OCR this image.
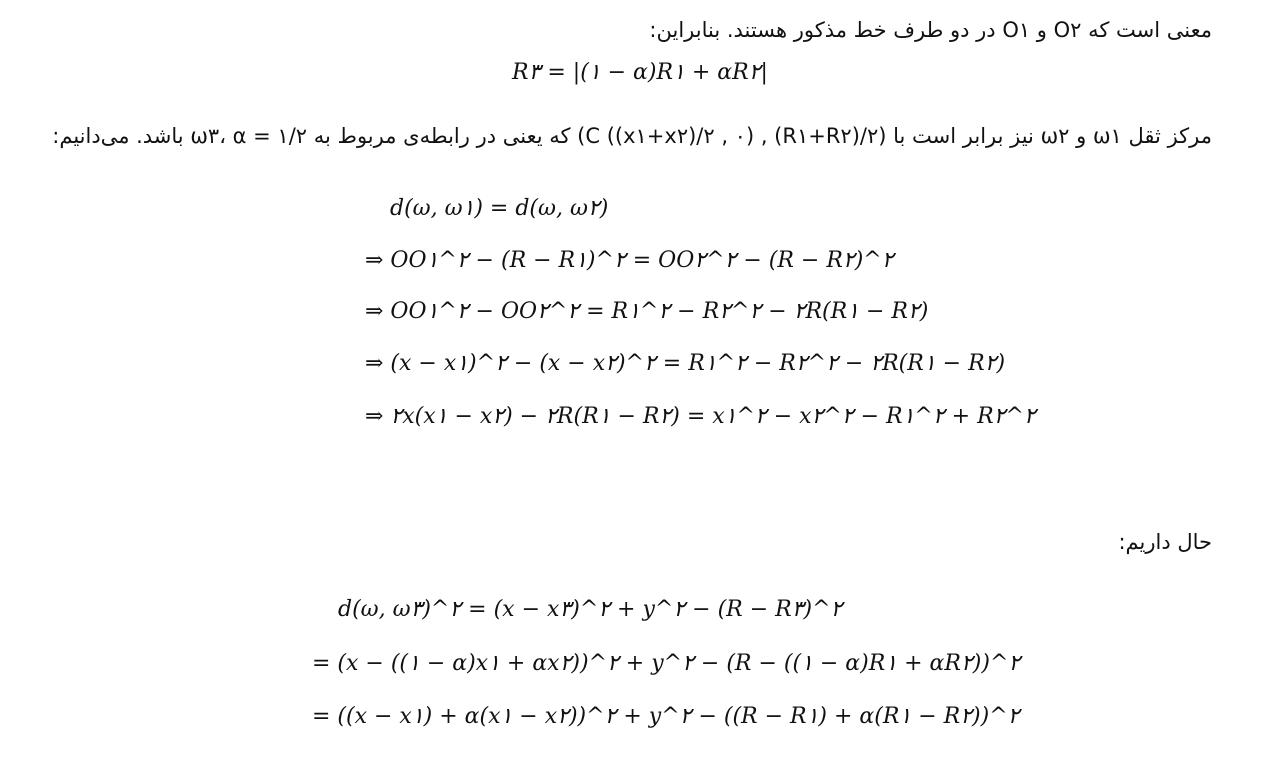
معنی است که O۲ و O۱ در دو طرف خط مذکور هستند. بنابراین:
R۳ = |(۱ − α)R۱ + αR۲|
مرکز ثقل ω۱ و ω۲ نیز برابر است با (C ((x۱+x۲)/۲ , ۰) , (R۱+R۲)/۲) که یعنی در رابطه‌ی مربوط به ω۳، α = ۱/۲ باشد. می‌دانیم:
d(ω, ω۱) = d(ω, ω۲)
⇒ OO۱^۲ − (R − R۱)^۲ = OO۲^۲ − (R − R۲)^۲
⇒ OO۱^۲ − OO۲^۲ = R۱^۲ − R۲^۲ − ۲R(R۱ − R۲)
⇒ (x − x۱)^۲ − (x − x۲)^۲ = R۱^۲ − R۲^۲ − ۲R(R۱ − R۲)
⇒ ۲x(x۱ − x۲) − ۲R(R۱ − R۲) = x۱^۲ − x۲^۲ − R۱^۲ + R۲^۲
حال داریم:
d(ω, ω۳)^۲ = (x − x۳)^۲ + y^۲ − (R − R۳)^۲
= (x − ((۱ − α)x۱ + αx۲))^۲ + y^۲ − (R − ((۱ − α)R۱ + αR۲))^۲
= ((x − x۱) + α(x۱ − x۲))^۲ + y^۲ − ((R − R۱) + α(R۱ − R۲))^۲
